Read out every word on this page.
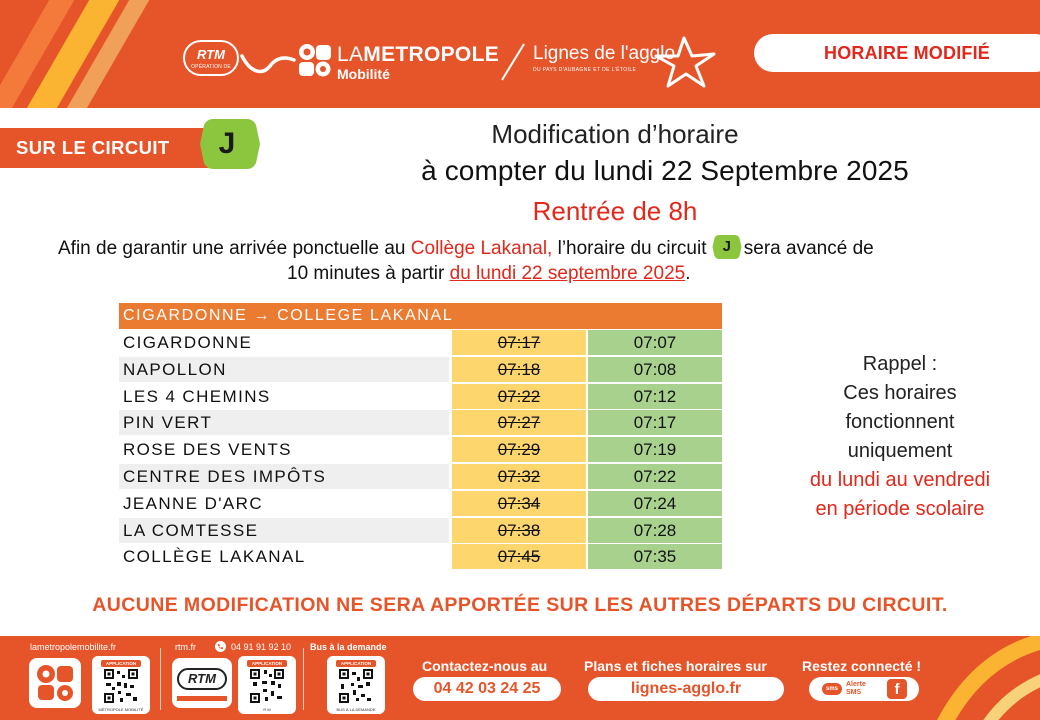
RTM
OPÉRATION DE
LAMETROPOLE
Mobilité
Lignes de l'agglo
DU PAYS D'AUBAGNE ET DE L'ÉTOILE
HORAIRE MODIFIÉ
SUR LE CIRCUIT	J	Modification d’horaire
à compter du lundi 22 Septembre 2025
Rentrée de 8h
Afin de garantir une arrivée ponctuelle au Collège Lakanal, l’horaire du circuit J sera avancé de
10 minutes à partir du lundi 22 septembre 2025.
CIGARDONNE → COLLEGE LAKANAL
CIGARDONNE	07:17	07:07
NAPOLLON	07:18	07:08
LES 4 CHEMINS	07:22	07:12
PIN VERT	07:27	07:17
ROSE DES VENTS	07:29	07:19
CENTRE DES IMPÔTS	07:32	07:22
JEANNE D'ARC	07:34	07:24
LA COMTESSE	07:38	07:28
COLLÈGE LAKANAL	07:45	07:35
Rappel :
Ces horaires
fonctionnent
uniquement
du lundi au vendredi
en période scolaire
AUCUNE MODIFICATION NE SERA APPORTÉE SUR LES AUTRES DÉPARTS DU CIRCUIT.
lametropolemobilite.fr
APPLICATION
MÉTROPOLE MOBILITÉ
rtm.fr	04 91 91 92 10
RTM
APPLICATION
R.M
Bus à la demande
APPLICATION
BUS À LA DEMANDE
Contactez-nous au
04 42 03 24 25
Plans et fiches horaires sur
lignes-agglo.fr
Restez connecté !
sms
Alerte
SMS	f
